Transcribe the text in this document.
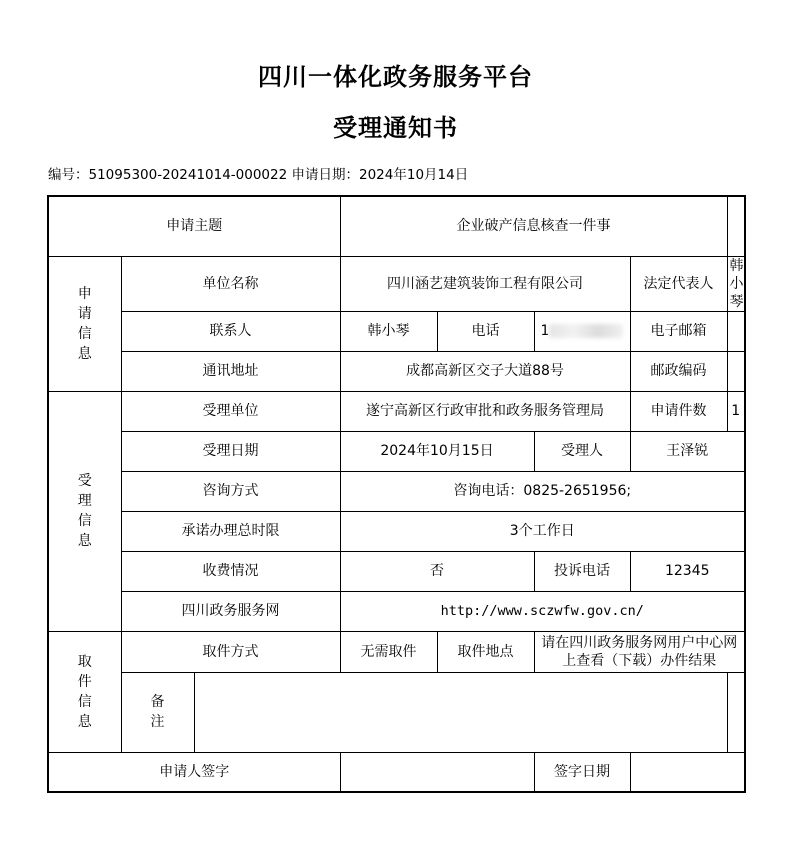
四川一体化政务服务平台
受理通知书
编号：51095300-20241014-000022 申请日期：2024年10月14日
申请主题			企业破产信息核查一件事				
申请信息	单位名称		四川涵艺建筑装饰工程有限公司			法定代表人	韩小琴
	联系人		韩小琴	电话	1	电子邮箱	
	通讯地址		成都高新区交子大道88号			邮政编码	
受理信息	受理单位		遂宁高新区行政审批和政务服务管理局			申请件数	1
	受理日期		2024年10月15日		受理人	王泽锐	
	咨询方式		咨询电话：0825-2651956;				
	承诺办理总时限		3个工作日				
	收费情况		否		投诉电话	12345	
	四川政务服务网		http://www.sczwfw.gov.cn/				
取件信息	取件方式		无需取件	取件地点	请在四川政务服务网用户中心网上查看（下载）办件结果		
	备注						
申请人签字					签字日期		
